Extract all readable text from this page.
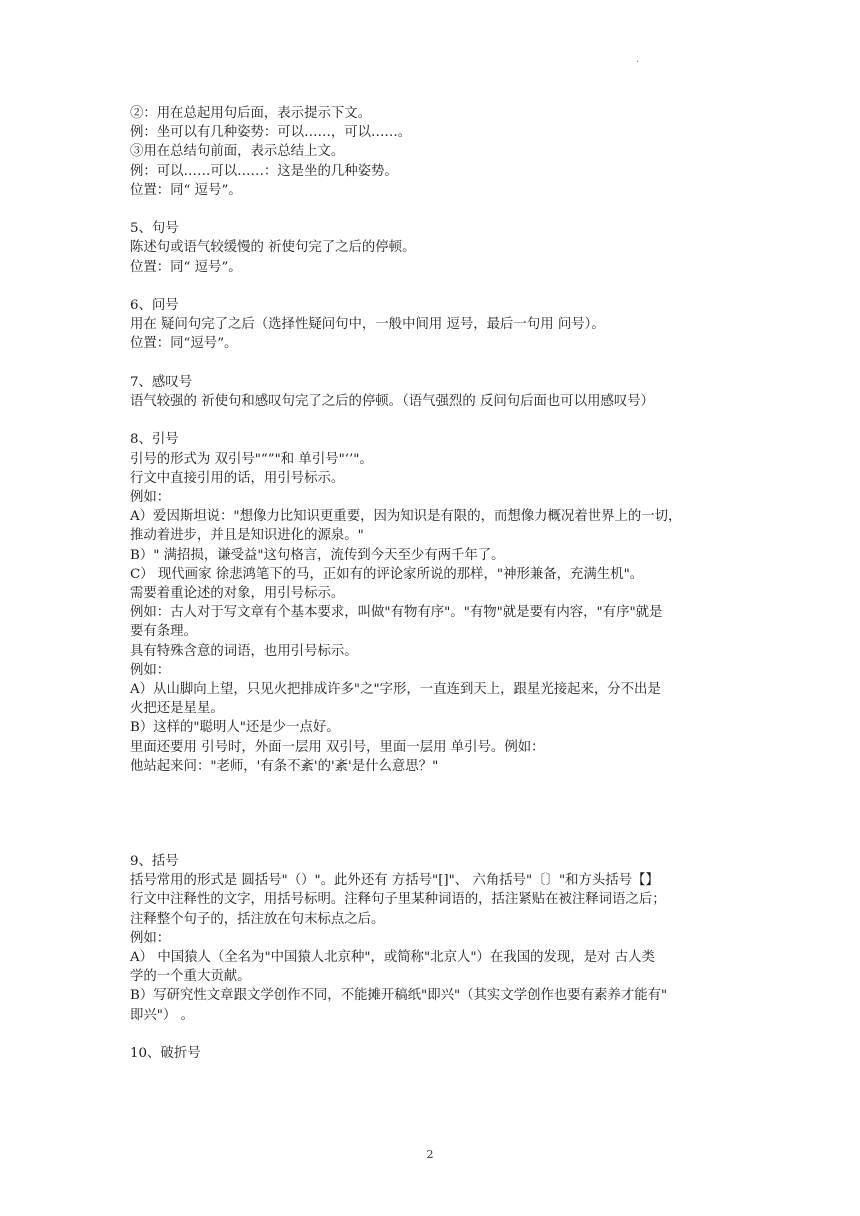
.
②：用在总起用句后面，表示提示下文。
例：坐可以有几种姿势：可以……，可以……。
③用在总结句前面，表示总结上文。
例：可以……可以……：这是坐的几种姿势。
位置：同“ 逗号”。
5、句号
陈述句或语气较缓慢的 祈使句完了之后的停顿。
位置：同“ 逗号”。
6、问号
用在 疑问句完了之后（选择性疑问句中，一般中间用 逗号，最后一句用 问号）。
位置：同“逗号”。
7、感叹号
语气较强的 祈使句和感叹句完了之后的停顿。（语气强烈的 反问句后面也可以用感叹号）
8、引号
引号的形式为 双引号"“”"和 单引号"‘’"。
行文中直接引用的话，用引号标示。
例如：
A）爱因斯坦说："想像力比知识更重要，因为知识是有限的，而想像力概况着世界上的一切，
推动着进步，并且是知识进化的源泉。"
B）" 满招损，谦受益"这句格言，流传到今天至少有两千年了。
C） 现代画家 徐悲鸿笔下的马，正如有的评论家所说的那样，"神形兼备，充满生机"。
需要着重论述的对象，用引号标示。
例如：古人对于写文章有个基本要求，叫做"有物有序"。"有物"就是要有内容，"有序"就是
要有条理。
具有特殊含意的词语，也用引号标示。
例如：
A）从山脚向上望，只见火把排成许多"之"字形，一直连到天上，跟星光接起来，分不出是
火把还是星星。
B）这样的"聪明人"还是少一点好。
里面还要用 引号时，外面一层用 双引号，里面一层用 单引号。例如：
他站起来问："老师，'有条不紊'的'紊'是什么意思？"
9、括号
括号常用的形式是 圆括号"（）"。此外还有 方括号"[]"、 六角括号"〔〕"和方头括号【】
行文中注释性的文字，用括号标明。注释句子里某种词语的，括注紧贴在被注释词语之后；
注释整个句子的，括注放在句末标点之后。
例如：
A） 中国猿人（全名为"中国猿人北京种"，或简称"北京人"）在我国的发现，是对 古人类
学的一个重大贡献。
B）写研究性文章跟文学创作不同，不能摊开稿纸"即兴"（其实文学创作也要有素养才能有"
即兴"） 。
10、破折号
2
